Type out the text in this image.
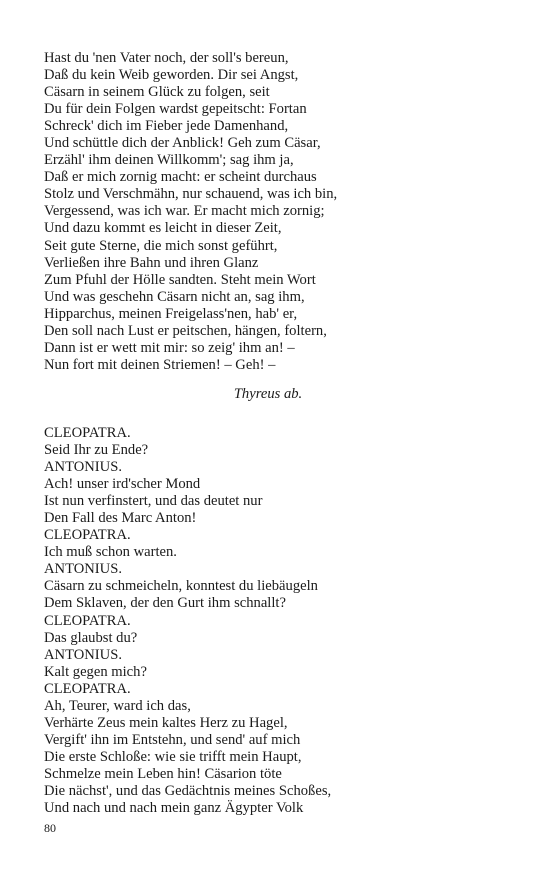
Hast du 'nen Vater noch, der soll's bereun,
Daß du kein Weib geworden. Dir sei Angst,
Cäsarn in seinem Glück zu folgen, seit
Du für dein Folgen wardst gepeitscht: Fortan
Schreck' dich im Fieber jede Damenhand,
Und schüttle dich der Anblick! Geh zum Cäsar,
Erzähl' ihm deinen Willkomm'; sag ihm ja,
Daß er mich zornig macht: er scheint durchaus
Stolz und Verschmähn, nur schauend, was ich bin,
Vergessend, was ich war. Er macht mich zornig;
Und dazu kommt es leicht in dieser Zeit,
Seit gute Sterne, die mich sonst geführt,
Verließen ihre Bahn und ihren Glanz
Zum Pfuhl der Hölle sandten. Steht mein Wort
Und was geschehn Cäsarn nicht an, sag ihm,
Hipparchus, meinen Freigelass'nen, hab' er,
Den soll nach Lust er peitschen, hängen, foltern,
Dann ist er wett mit mir: so zeig' ihm an! –
Nun fort mit deinen Striemen! – Geh! –
Thyreus ab.
CLEOPATRA.
Seid Ihr zu Ende?
ANTONIUS.
Ach! unser ird'scher Mond
Ist nun verfinstert, und das deutet nur
Den Fall des Marc Anton!
CLEOPATRA.
Ich muß schon warten.
ANTONIUS.
Cäsarn zu schmeicheln, konntest du liebäugeln
Dem Sklaven, der den Gurt ihm schnallt?
CLEOPATRA.
Das glaubst du?
ANTONIUS.
Kalt gegen mich?
CLEOPATRA.
Ah, Teurer, ward ich das,
Verhärte Zeus mein kaltes Herz zu Hagel,
Vergift' ihn im Entstehn, und send' auf mich
Die erste Schloße: wie sie trifft mein Haupt,
Schmelze mein Leben hin! Cäsarion töte
Die nächst', und das Gedächtnis meines Schoßes,
Und nach und nach mein ganz Ägypter Volk
80
